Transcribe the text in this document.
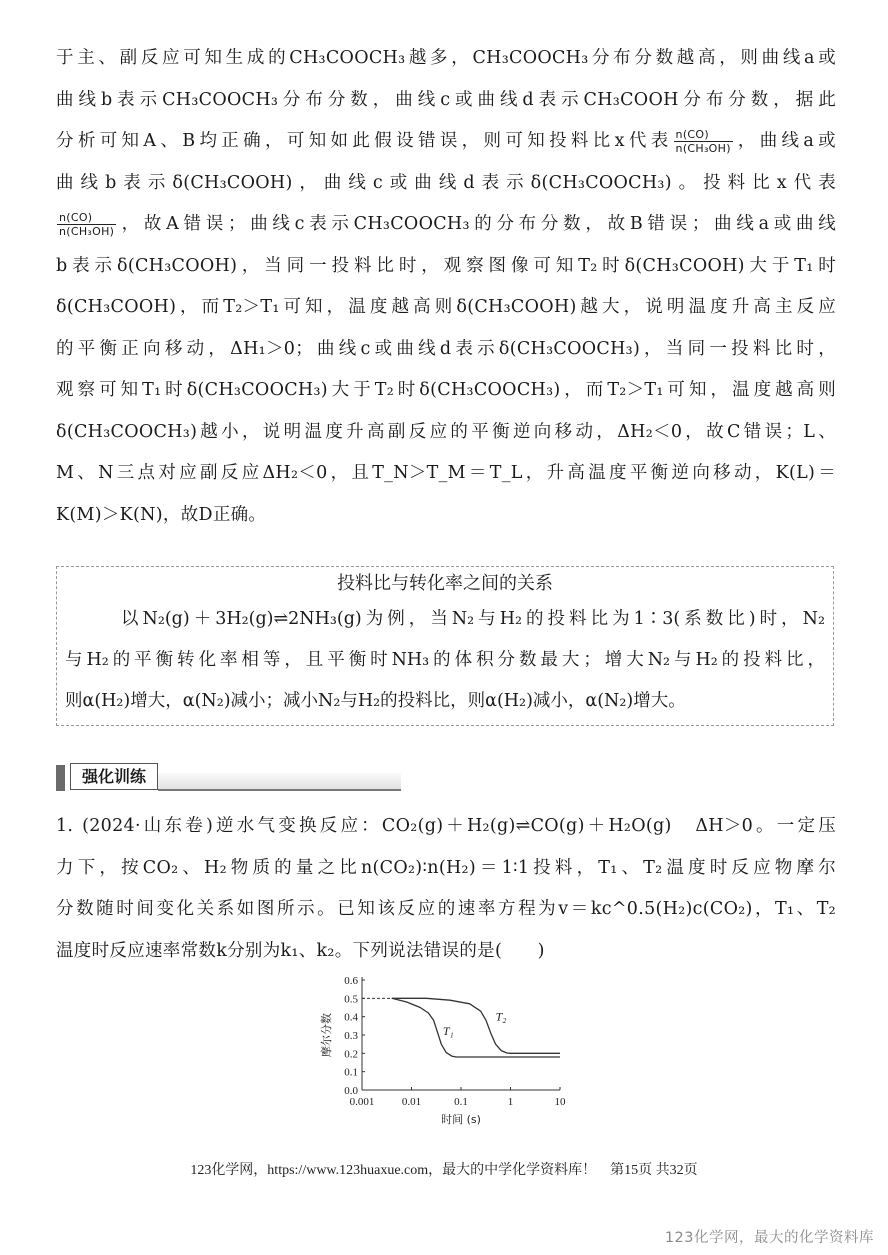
于主、副反应可知生成的CH₃COOCH₃越多，CH₃COOCH₃分布分数越高，则曲线a或
曲线b表示CH₃COOCH₃分布分数，曲线c或曲线d表示CH₃COOH分布分数，据此
分析可知A、B均正确，可知如此假设错误，则可知投料比x代表 $\frac{n(CO)}{\text{n(CH₃OH)}}$ ，曲线a或
曲线b表示δ(CH₃COOH)，曲线c或曲线d表示δ(CH₃COOCH₃)。投料比x代表
$\frac{n(CO)}{\text{n(CH₃OH)}}$ ，故A错误；曲线c表示CH₃COOCH₃的分布分数，故B错误；曲线a或曲线
b表示δ(CH₃COOH)，当同一投料比时，观察图像可知T₂时δ(CH₃COOH)大于T₁时
δ(CH₃COOH)，而T₂＞T₁可知，温度越高则δ(CH₃COOH)越大，说明温度升高主反应
的平衡正向移动，ΔH₁＞0；曲线c或曲线d表示δ(CH₃COOCH₃)，当同一投料比时，
观察可知T₁时δ(CH₃COOCH₃)大于T₂时δ(CH₃COOCH₃)，而T₂＞T₁可知，温度越高则
δ(CH₃COOCH₃)越小，说明温度升高副反应的平衡逆向移动，ΔH₂＜0，故C错误；L、
M、N三点对应副反应ΔH₂＜0，且T_N＞T_M＝T_L，升高温度平衡逆向移动，K(L)＝
K(M)＞K(N)，故D正确。
投料比与转化率之间的关系
以N₂(g)＋3H₂(g)⇌2NH₃(g)为例，当N₂与H₂的投料比为1∶3(系数比)时，N₂
与H₂的平衡转化率相等，且平衡时NH₃的体积分数最大；增大N₂与H₂的投料比，
则α(H₂)增大，α(N₂)减小；减小N₂与H₂的投料比，则α(H₂)减小，α(N₂)增大。
强化训练
1. (2024·山东卷)逆水气变换反应：CO₂(g)＋H₂(g)⇌CO(g)＋H₂O(g)　ΔH＞0。一定压
力下，按CO₂、H₂物质的量之比n(CO₂)∶n(H₂)＝1∶1投料，T₁、T₂温度时反应物摩尔
分数随时间变化关系如图所示。已知该反应的速率方程为v＝kc^0.5(H₂)c(CO₂)，T₁、T₂
温度时反应速率常数k分别为k₁、k₂。下列说法错误的是(　　)
0.0
0.1
0.2
0.3
0.4
0.5
0.6
0.001	0.01	0.1	1	10
时间 (s)
摩尔分数	T₁
T₂
123化学网，https://www.123huaxue.com，最大的中学化学资料库！　第15页 共32页
123化学网，最大的化学资料库
